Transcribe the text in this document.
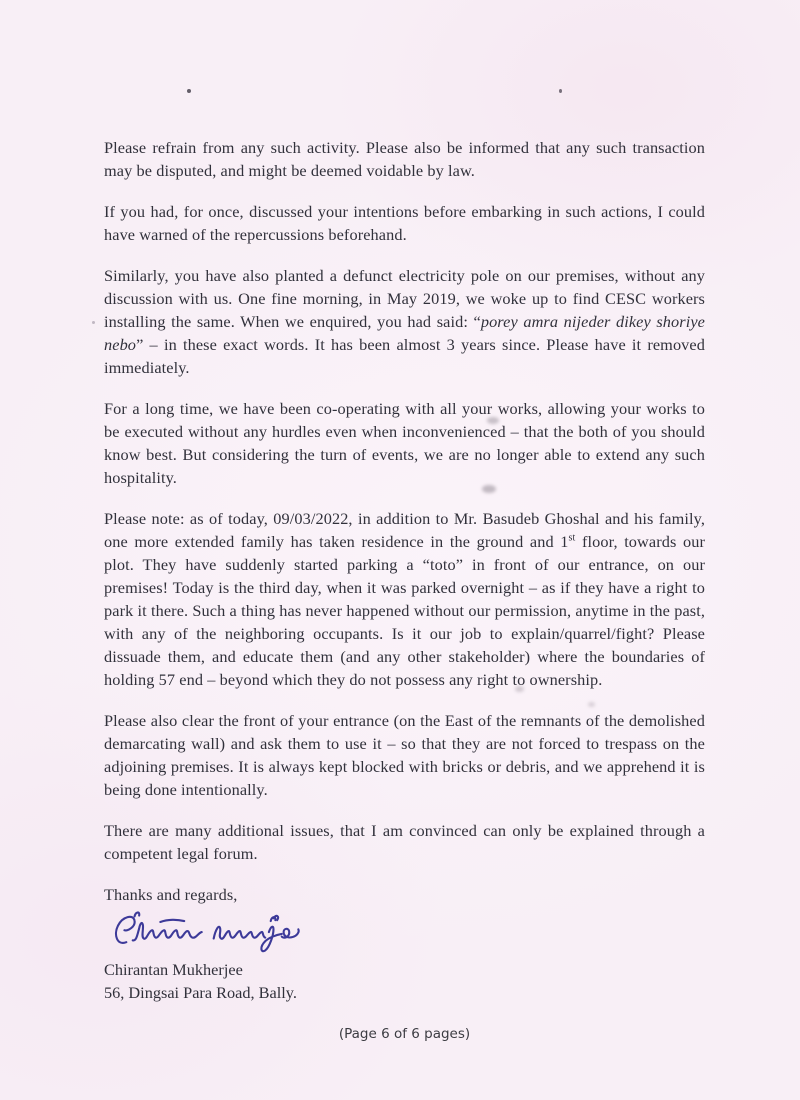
Please refrain from any such activity. Please also be informed that any such transaction may be disputed, and might be deemed voidable by law.

If you had, for once, discussed your intentions before embarking in such actions, I could have warned of the repercussions beforehand.

Similarly, you have also planted a defunct electricity pole on our premises, without any discussion with us. One fine morning, in May 2019, we woke up to find CESC workers installing the same. When we enquired, you had said: “porey amra nijeder dikey shoriye nebo” – in these exact words. It has been almost 3 years since. Please have it removed immediately.

For a long time, we have been co-operating with all your works, allowing your works to be executed without any hurdles even when inconvenienced – that the both of you should know best. But considering the turn of events, we are no longer able to extend any such hospitality.

Please note: as of today, 09/03/2022, in addition to Mr. Basudeb Ghoshal and his family, one more extended family has taken residence in the ground and 1st floor, towards our plot. They have suddenly started parking a “toto” in front of our entrance, on our premises! Today is the third day, when it was parked overnight – as if they have a right to park it there. Such a thing has never happened without our permission, anytime in the past, with any of the neighboring occupants. Is it our job to explain/quarrel/fight? Please dissuade them, and educate them (and any other stakeholder) where the boundaries of holding 57 end – beyond which they do not possess any right to ownership.

Please also clear the front of your entrance (on the East of the remnants of the demolished demarcating wall) and ask them to use it – so that they are not forced to trespass on the adjoining premises. It is always kept blocked with bricks or debris, and we apprehend it is being done intentionally.

There are many additional issues, that I am convinced can only be explained through a competent legal forum.

Thanks and regards,

Chirantan Mukherjee
56, Dingsai Para Road, Bally.
(Page 6 of 6 pages)
